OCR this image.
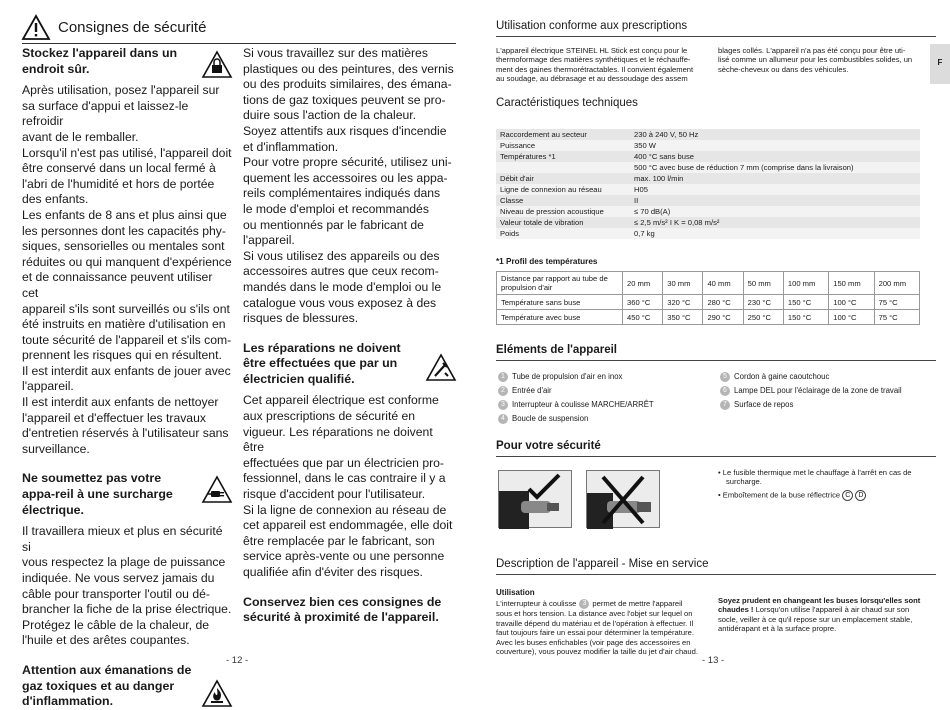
Consignes de sécurité
Stockez l'appareil dans un endroit sûr.
Après utilisation, posez l'appareil sur
sa surface d'appui et laissez-le refroidir
avant de le remballer.
Lorsqu'il n'est pas utilisé, l'appareil doit
être conservé dans un local fermé à
l'abri de l'humidité et hors de portée
des enfants.
Les enfants de 8 ans et plus ainsi que
les personnes dont les capacités phy-
siques, sensorielles ou mentales sont
réduites ou qui manquent d'expérience
et de connaissance peuvent utiliser cet
appareil s'ils sont surveillés ou s'ils ont
été instruits en matière d'utilisation en
toute sécurité de l'appareil et s'ils com-
prennent les risques qui en résultent.
Il est interdit aux enfants de jouer avec
l'appareil.
Il est interdit aux enfants de nettoyer
l'appareil et d'effectuer les travaux
d'entretien réservés à l'utilisateur sans
surveillance.
Ne soumettez pas votre appa-reil à une surcharge électrique.
Il travaillera mieux et plus en sécurité si
vous respectez la plage de puissance
indiquée. Ne vous servez jamais du
câble pour transporter l'outil ou dé-
brancher la fiche de la prise électrique.
Protégez le câble de la chaleur, de
l'huile et des arêtes coupantes.
Attention aux émanations de gaz toxiques et au danger d'inflammation.
Si vous travaillez sur des matières
plastiques ou des peintures, des vernis
ou des produits similaires, des émana-
tions de gaz toxiques peuvent se pro-
duire sous l'action de la chaleur.
Soyez attentifs aux risques d'incendie
et d'inflammation.
Pour votre propre sécurité, utilisez uni-
quement les accessoires ou les appa-
reils complémentaires indiqués dans
le mode d'emploi et recommandés
ou mentionnés par le fabricant de
l'appareil.
Si vous utilisez des appareils ou des
accessoires autres que ceux recom-
mandés dans le mode d'emploi ou le
catalogue vous vous exposez à des
risques de blessures.
Les réparations ne doivent être effectuées que par un électricien qualifié.
Cet appareil électrique est conforme
aux prescriptions de sécurité en
vigueur. Les réparations ne doivent être
effectuées que par un électricien pro-
fessionnel, dans le cas contraire il y a
risque d'accident pour l'utilisateur.
Si la ligne de connexion au réseau de
cet appareil est endommagée, elle doit
être remplacée par le fabricant, son
service après-vente ou une personne
qualifiée afin d'éviter des risques.
Conservez bien ces consignes de sécurité à proximité de l'appareil.
- 12 -
F
Utilisation conforme aux prescriptions
L'appareil électrique STEINEL HL Stick est conçu pour le
thermoformage des matières synthétiques et le réchauffe-
ment des gaines thermorétractables. Il convient également
au soudage, au débrasage et au dessoudage des assem
blages collés. L'appareil n'a pas été conçu pour être uti-
lisé comme un allumeur pour les combustibles solides, un
sèche-cheveux ou dans des véhicules.
Caractéristiques techniques
Raccordement au secteur	230 à 240 V, 50 Hz
Puissance	350 W
Températures *1	400 °C sans buse
	500 °C avec buse de réduction 7 mm (comprise dans la livraison)
Débit d'air	max. 100 l/min
Ligne de connexion au réseau	H05
Classe	II
Niveau de pression acoustique	≤ 70 dB(A)
Valeur totale de vibration	≤ 2,5 m/s² I K = 0,08 m/s²
Poids	0,7 kg
*1 Profil des températures
Distance par rapport au tube de propulsion d'air	20 mm	30 mm	40 mm	50 mm	100 mm	150 mm	200 mm
Température sans buse	360 °C	320 °C	280 °C	230 °C	150 °C	100 °C	75 °C
Température avec buse	450 °C	350 °C	290 °C	250 °C	150 °C	100 °C	75 °C
Eléments de l'appareil
1 Tube de propulsion d'air en inox
2 Entrée d'air
3 Interrupteur à coulisse MARCHE/ARRÊT
4 Boucle de suspension
5 Cordon à gaine caoutchouc
6 Lampe DEL pour l'éclairage de la zone de travail
7 Surface de repos
Pour votre sécurité
• Le fusible thermique met le chauffage à l'arrêt en cas de
surcharge.
• Emboîtement de la buse réflectrice C D
Description de l'appareil - Mise en service
Utilisation
L'interrupteur à coulisse 3 permet de mettre l'appareil
sous et hors tension. La distance avec l'objet sur lequel on
travaille dépend du matériau et de l'opération à effectuer. Il
faut toujours faire un essai pour déterminer la température.
Avec les buses enfichables (voir page des accessoires en
couverture), vous pouvez modifier la taille du jet d'air chaud.
Soyez prudent en changeant les buses lorsqu'elles sont
chaudes ! Lorsqu'on utilise l'appareil à air chaud sur son
socle, veiller à ce qu'il repose sur un emplacement stable,
antidérapant et à la surface propre.
- 13 -
